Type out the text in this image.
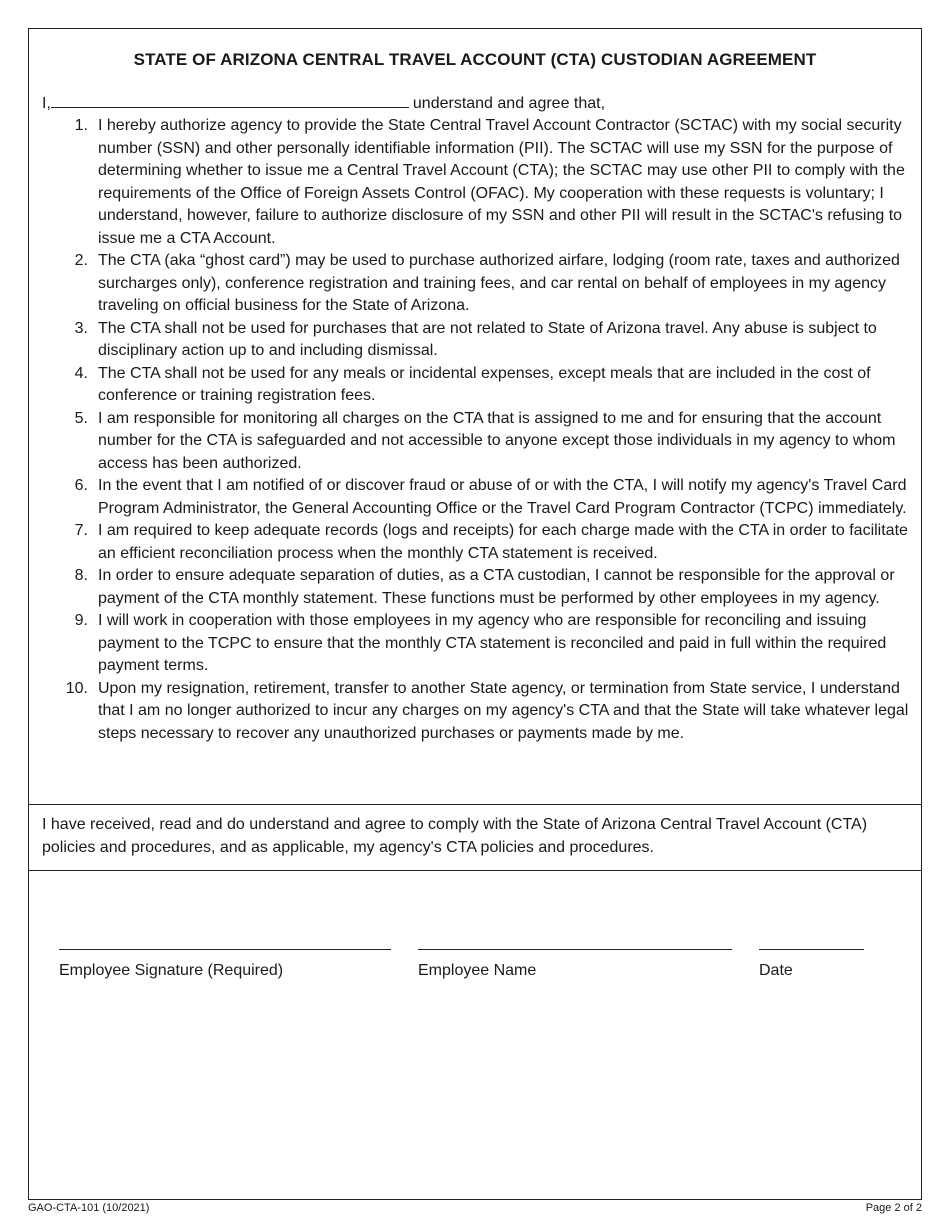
STATE OF ARIZONA CENTRAL TRAVEL ACCOUNT (CTA) CUSTODIAN AGREEMENT
I,	understand and agree that,
1. I hereby authorize agency to provide the State Central Travel Account Contractor (SCTAC) with my social security number (SSN) and other personally identifiable information (PII). The SCTAC will use my SSN for the purpose of determining whether to issue me a Central Travel Account (CTA); the SCTAC may use other PII to comply with the requirements of the Office of Foreign Assets Control (OFAC). My cooperation with these requests is voluntary; I understand, however, failure to authorize disclosure of my SSN and other PII will result in the SCTAC's refusing to issue me a CTA Account.
2. The CTA (aka “ghost card”) may be used to purchase authorized airfare, lodging (room rate, taxes and authorized surcharges only), conference registration and training fees, and car rental on behalf of employees in my agency traveling on official business for the State of Arizona.
3. The CTA shall not be used for purchases that are not related to State of Arizona travel. Any abuse is subject to disciplinary action up to and including dismissal.
4. The CTA shall not be used for any meals or incidental expenses, except meals that are included in the cost of conference or training registration fees.
5. I am responsible for monitoring all charges on the CTA that is assigned to me and for ensuring that the account number for the CTA is safeguarded and not accessible to anyone except those individuals in my agency to whom access has been authorized.
6. In the event that I am notified of or discover fraud or abuse of or with the CTA, I will notify my agency's Travel Card Program Administrator, the General Accounting Office or the Travel Card Program Contractor (TCPC) immediately.
7. I am required to keep adequate records (logs and receipts) for each charge made with the CTA in order to facilitate an efficient reconciliation process when the monthly CTA statement is received.
8. In order to ensure adequate separation of duties, as a CTA custodian, I cannot be responsible for the approval or payment of the CTA monthly statement. These functions must be performed by other employees in my agency.
9. I will work in cooperation with those employees in my agency who are responsible for reconciling and issuing payment to the TCPC to ensure that the monthly CTA statement is reconciled and paid in full within the required payment terms.
10. Upon my resignation, retirement, transfer to another State agency, or termination from State service, I understand that I am no longer authorized to incur any charges on my agency's CTA and that the State will take whatever legal steps necessary to recover any unauthorized purchases or payments made by me.
I have received, read and do understand and agree to comply with the State of Arizona Central Travel Account (CTA) policies and procedures, and as applicable, my agency's CTA policies and procedures.
Employee Signature (Required)	Employee Name	Date
GAO-CTA-101 (10/2021)	Page 2 of 2
